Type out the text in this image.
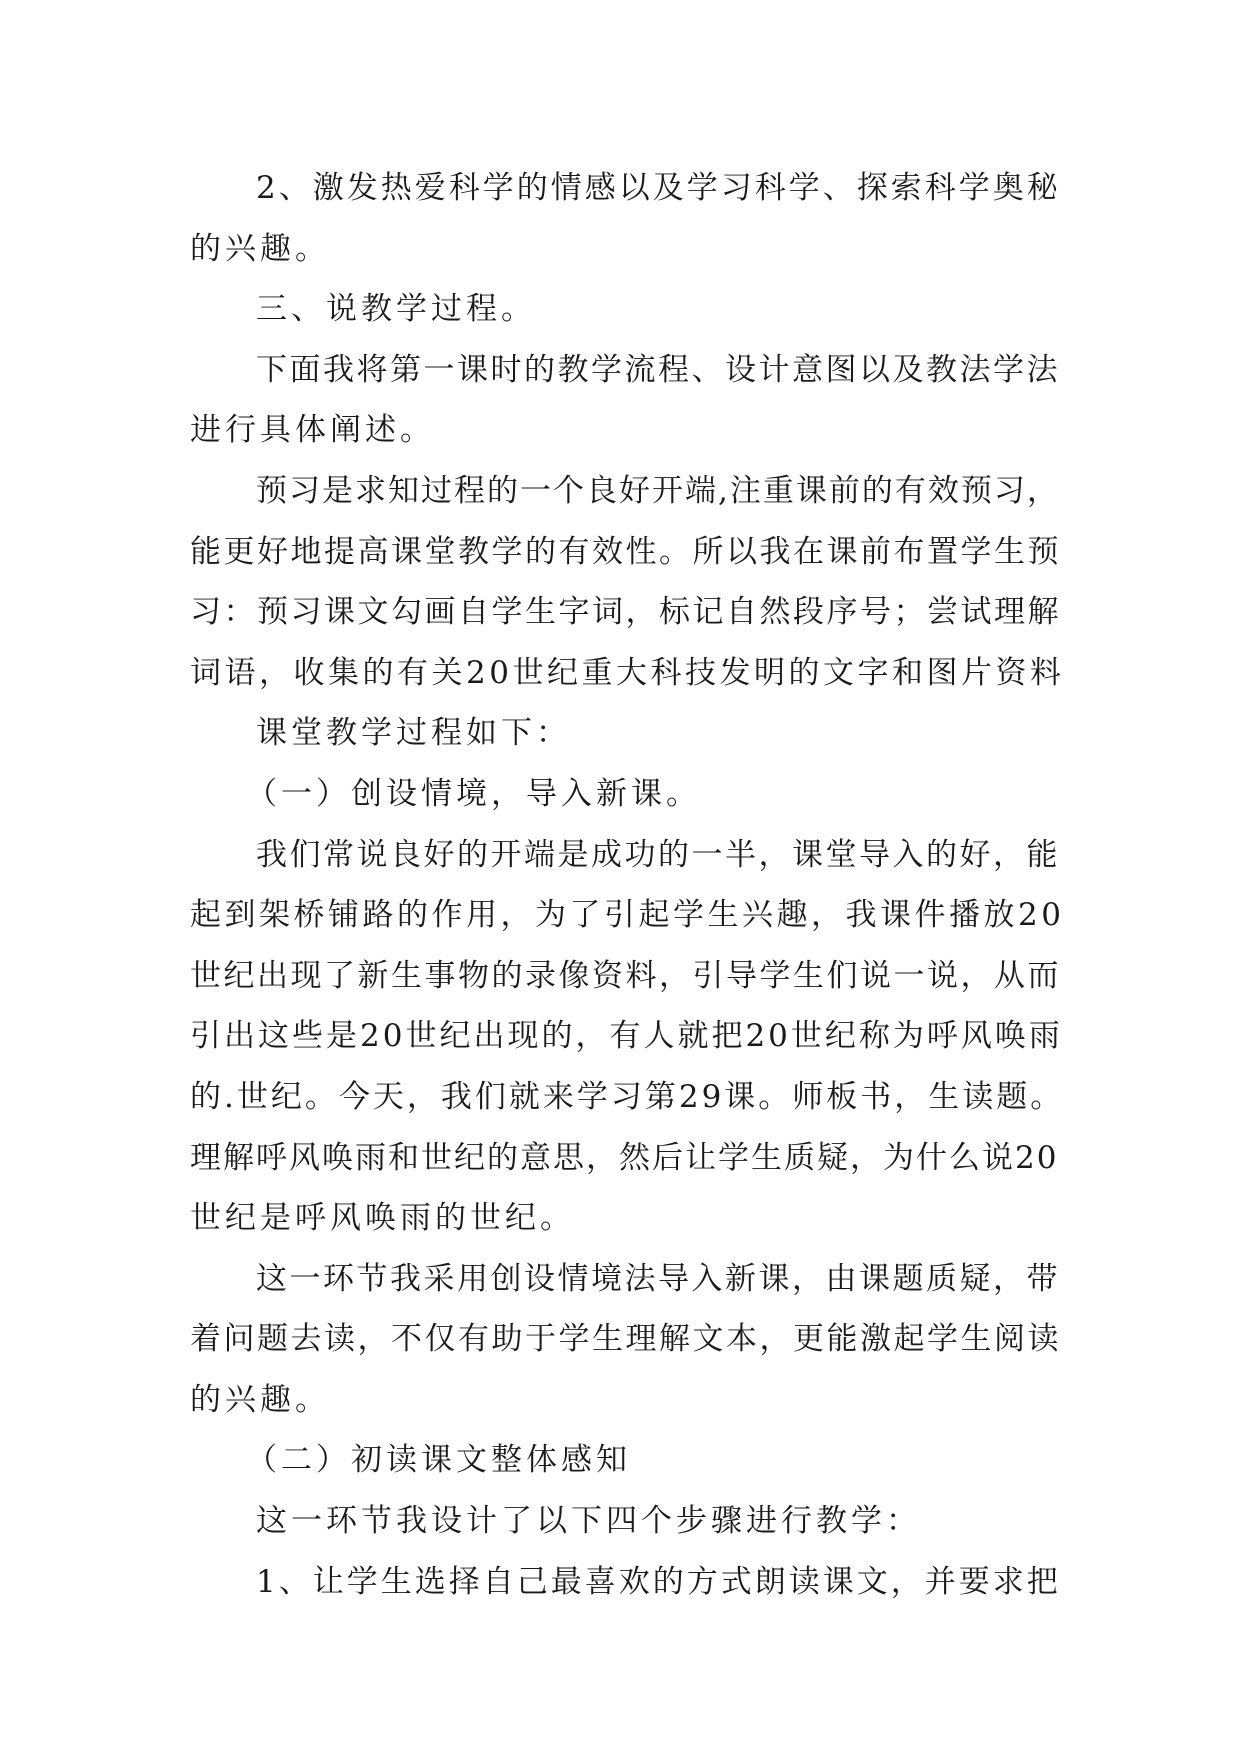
2、激发热爱科学的情感以及学习科学、探索科学奥秘
的兴趣。
三、说教学过程。
下面我将第一课时的教学流程、设计意图以及教法学法
进行具体阐述。
预习是求知过程的一个良好开端,注重课前的有效预习，
能更好地提高课堂教学的有效性。所以我在课前布置学生预
习：预习课文勾画自学生字词，标记自然段序号；尝试理解
词语，收集的有关20世纪重大科技发明的文字和图片资料
课堂教学过程如下：
（一）创设情境，导入新课。
我们常说良好的开端是成功的一半，课堂导入的好，能
起到架桥铺路的作用，为了引起学生兴趣，我课件播放20
世纪出现了新生事物的录像资料，引导学生们说一说，从而
引出这些是20世纪出现的，有人就把20世纪称为呼风唤雨
的.世纪。今天，我们就来学习第29课。师板书，生读题。
理解呼风唤雨和世纪的意思，然后让学生质疑，为什么说20
世纪是呼风唤雨的世纪。
这一环节我采用创设情境法导入新课，由课题质疑，带
着问题去读，不仅有助于学生理解文本，更能激起学生阅读
的兴趣。
（二）初读课文整体感知
这一环节我设计了以下四个步骤进行教学：
1、让学生选择自己最喜欢的方式朗读课文，并要求把
